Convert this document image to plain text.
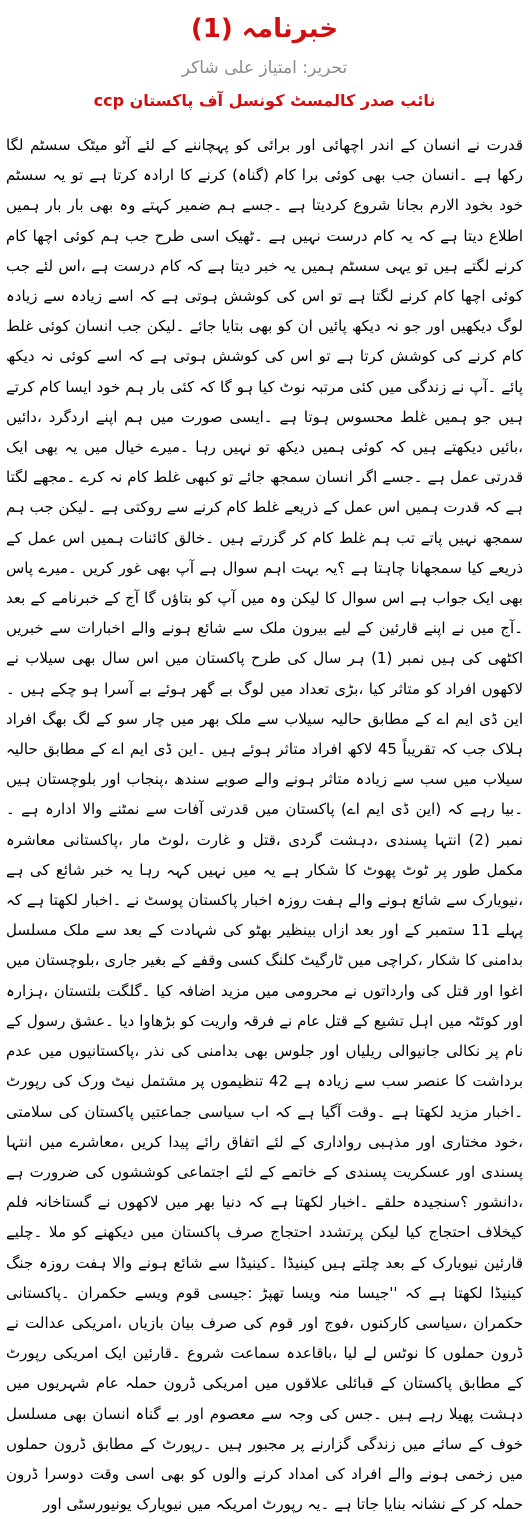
خبرنامہ (1)
تحریر: امتیاز علی شاکر
نائب صدر کالمسٹ کونسل آف پاکستان ccp

قدرت نے انسان کے اندر اچھائی اور برائی کو پہچاننے کے لئے آٹو میٹک سسٹم لگا رکھا ہے ۔انسان جب بھی کوئی برا کام (گناہ) کرنے کا ارادہ کرتا ہے تو یہ سسٹم خود بخود الارم بجانا شروع کردیتا ہے ۔جسے ہم ضمیر کہتے وہ بھی بار بار ہمیں اطلاع دیتا ہے کہ یہ کام درست نہیں ہے ۔ٹھیک اسی طرح جب ہم کوئی اچھا کام کرنے لگتے ہیں تو یہی سسٹم ہمیں یہ خبر دیتا ہے کہ کام درست ہے ،اس لئے جب کوئی اچھا کام کرنے لگتا ہے تو اس کی کوشش ہوتی ہے کہ اسے زیادہ سے زیادہ لوگ دیکھیں اور جو نہ دیکھ پائیں ان کو بھی بتایا جائے ۔لیکن جب انسان کوئی غلط کام کرنے کی کوشش کرتا ہے تو اس کی کوشش ہوتی ہے کہ اسے کوئی نہ دیکھ پائے ۔آپ نے زندگی میں کئی مرتبہ نوٹ کیا ہو گا کہ کئی بار ہم خود ایسا کام کرتے ہیں جو ہمیں غلط محسوس ہوتا ہے ۔ایسی صورت میں ہم اپنے اردگرد ،دائیں ،بائیں دیکھتے ہیں کہ کوئی ہمیں دیکھ تو نہیں رہا ۔میرے خیال میں یہ بھی ایک قدرتی عمل ہے ۔جسے اگر انسان سمجھ جائے تو کبھی غلط کام نہ کرے ۔مجھے لگتا ہے کہ قدرت ہمیں اس عمل کے ذریعے غلط کام کرنے سے روکتی ہے ۔لیکن جب ہم سمجھ نہیں پاتے تب ہم غلط کام کر گزرتے ہیں ۔خالق کائنات ہمیں اس عمل کے ذریعے کیا سمجھانا چاہتا ہے ؟یہ بہت اہم سوال ہے آپ بھی غور کریں ۔میرے پاس بھی ایک جواب ہے اس سوال کا لیکن وہ میں آپ کو بتاؤں گا آج کے خبرنامے کے بعد ۔آج میں نے اپنے قارئین کے لیے بیرون ملک سے شائع ہونے والے اخبارات سے خبریں اکٹھی کی ہیں نمبر (1) ہر سال کی طرح پاکستان میں اس سال بھی سیلاب نے لاکھوں افراد کو متاثر کیا ،بڑی تعداد میں لوگ بے گھر ہوئے بے آسرا ہو چکے ہیں ۔این ڈی ایم اے کے مطابق حالیہ سیلاب سے ملک بھر میں چار سو کے لگ بھگ افراد ہلاک جب کہ تقریباً 45 لاکھ افراد متاثر ہوئے ہیں ۔این ڈی ایم اے کے مطابق حالیہ سیلاب میں سب سے زیادہ متاثر ہونے والے صوبے سندھ ،پنجاب اور بلوچستان ہیں ۔بیا رہے کہ (این ڈی ایم اے) پاکستان میں قدرتی آفات سے نمٹنے والا ادارہ ہے ۔نمبر (2) انتہا پسندی ،دہشت گردی ،قتل و غارت ،لوٹ مار ،پاکستانی معاشرہ مکمل طور پر ٹوٹ پھوٹ کا شکار ہے یہ میں نہیں کہہ رہا یہ خبر شائع کی ہے ،نیویارک سے شائع ہونے والے ہفت روزہ اخبار پاکستان پوسٹ نے ۔اخبار لکھتا ہے کہ پہلے 11 ستمبر کے اور بعد ازاں بینظیر بھٹو کی شہادت کے بعد سے ملک مسلسل بدامنی کا شکار ،کراچی میں ٹارگیٹ کلنگ کسی وقفے کے بغیر جاری ،بلوچستان میں اغوا اور قتل کی وارداتوں نے محرومی میں مزید اضافہ کیا ۔گلگت بلتستان ،ہزارہ اور کوئٹہ میں اہل تشیع کے قتل عام نے فرقہ واریت کو بڑھاوا دیا ۔عشق رسول کے نام پر نکالی جانیوالی ریلیاں اور جلوس بھی بدامنی کی نذر ،پاکستانیوں میں عدم برداشت کا عنصر سب سے زیادہ ہے 42 تنظیموں پر مشتمل نیٹ ورک کی رپورٹ ۔اخبار مزید لکھتا ہے ۔وقت آگیا ہے کہ اب سیاسی جماعتیں پاکستان کی سلامتی ،خود مختاری اور مذہبی رواداری کے لئے اتفاق رائے پیدا کریں ،معاشرے میں انتہا پسندی اور عسکریت پسندی کے خاتمے کے لئے اجتماعی کوششوں کی ضرورت ہے ،دانشور ؟سنجیدہ حلقے ۔اخبار لکھتا ہے کہ دنیا بھر میں لاکھوں نے گستاخانہ فلم کیخلاف احتجاج کیا لیکن پرتشدد احتجاج صرف پاکستان میں دیکھنے کو ملا ۔چلیے قارئین نیویارک کے بعد چلتے ہیں کینیڈا ۔کینیڈا سے شائع ہونے والا ہفت روزہ جنگ کینیڈا لکھتا ہے کہ ''جیسا منہ ویسا تھپڑ :جیسی قوم ویسے حکمران ۔پاکستانی حکمران ،سیاسی کارکنوں ،فوج اور قوم کی صرف بیان بازیاں ،امریکی عدالت نے ڈرون حملوں کا نوٹس لے لیا ،باقاعدہ سماعت شروع ۔قارئین ایک امریکی رپورٹ کے مطابق پاکستان کے قبائلی علاقوں میں امریکی ڈرون حملہ عام شہریوں میں دہشت پھیلا رہے ہیں ۔جس کی وجہ سے معصوم اور بے گناہ انسان بھی مسلسل خوف کے سائے میں زندگی گزارنے پر مجبور ہیں ۔رپورٹ کے مطابق ڈرون حملوں میں زخمی ہونے والے افراد کی امداد کرنے والوں کو بھی اسی وقت دوسرا ڈرون حملہ کر کے نشانہ بنایا جاتا ہے ۔یہ رپورٹ امریکہ میں نیویارک یونیورسٹی اور
